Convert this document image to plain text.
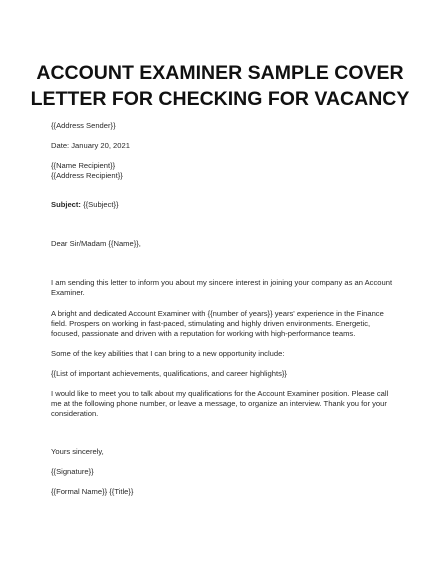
ACCOUNT EXAMINER SAMPLE COVER
LETTER FOR CHECKING FOR VACANCY
{{Address Sender}}
Date: January 20, 2021
{{Name Recipient}}
{{Address Recipient}}
Subject: {{Subject}}
Dear Sir/Madam {{Name}},
I am sending this letter to inform you about my sincere interest in joining your company as an Account Examiner.
A bright and dedicated Account Examiner with {{number of years}} years' experience in the Finance field. Prospers on working in fast-paced, stimulating and highly driven environments. Energetic, focused, passionate and driven with a reputation for working with high-performance teams.
Some of the key abilities that I can bring to a new opportunity include:
{{List of important achievements, qualifications, and career highlights}}
I would like to meet you to talk about my qualifications for the Account Examiner position. Please call me at the following phone number, or leave a message, to organize an interview. Thank you for your consideration.
Yours sincerely,
{{Signature}}
{{Formal Name}} {{Title}}
